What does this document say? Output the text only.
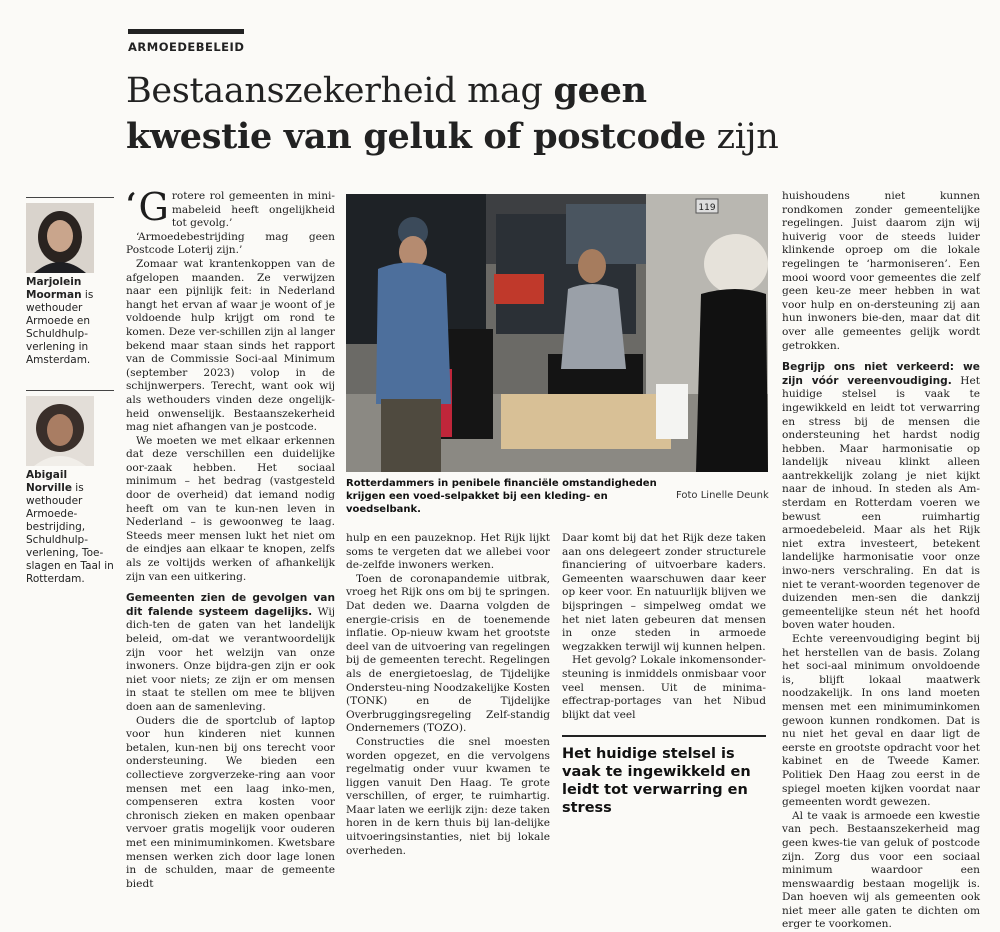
ARMOEDEBELEID
Bestaanszekerheid mag geen
kwestie van geluk of postcode zijn
Marjolein Moorman is wethouder Armoede en Schuldhulp-verlening in Amsterdam.
Abigail Norville is wethouder Armoede-bestrijding, Schuldhulp-verlening, Toe-slagen en Taal in Rotterdam.

‘ G rotere rol gemeenten in mini-mabeleid heeft ongelijkheid tot gevolg.’

‘Armoedebestrijding mag geen Postcode Loterij zijn.’

Zomaar wat krantenkoppen van de afgelopen maanden. Ze verwijzen naar een pijnlijk feit: in Nederland hangt het ervan af waar je woont of je voldoende hulp krijgt om rond te komen. Deze ver-schillen zijn al langer bekend maar staan sinds het rapport van de Commissie Soci-aal Minimum (september 2023) volop in de schijnwerpers. Terecht, want ook wij als wethouders vinden deze ongelijk-heid onwenselijk. Bestaanszekerheid mag niet afhangen van je postcode.

We moeten we met elkaar erkennen dat deze verschillen een duidelijke oor-zaak hebben. Het sociaal minimum – het bedrag (vastgesteld door de overheid) dat iemand nodig heeft om van te kun-nen leven in Nederland – is gewoonweg te laag. Steeds meer mensen lukt het niet om de eindjes aan elkaar te knopen, zelfs als ze voltijds werken of afhankelijk zijn van een uitkering.

Gemeenten zien de gevolgen van dit falende systeem dagelijks. Wij dich-ten de gaten van het landelijk beleid, om-dat we verantwoordelijk zijn voor het welzijn van onze inwoners. Onze bijdra-gen zijn er ook niet voor niets; ze zijn er om mensen in staat te stellen om mee te blijven doen aan de samenleving.

Ouders die de sportclub of laptop voor hun kinderen niet kunnen betalen, kun-nen bij ons terecht voor ondersteuning. We bieden een collectieve zorgverzeke-ring aan voor mensen met een laag inko-men, compenseren extra kosten voor chronisch zieken en maken openbaar vervoer gratis mogelijk voor ouderen met een minimuminkomen. Kwetsbare mensen werken zich door lage lonen in de schulden, maar de gemeente biedt

119
Rotterdammers in penibele financiële omstandigheden krijgen een voed-selpakket bij een kleding- en voedselbank.
Foto Linelle Deunk

hulp en een pauzeknop. Het Rijk lijkt soms te vergeten dat we allebei voor de-zelfde inwoners werken.

Toen de coronapandemie uitbrak, vroeg het Rijk ons om bij te springen. Dat deden we. Daarna volgden de energie-crisis en de toenemende inflatie. Op-nieuw kwam het grootste deel van de uitvoering van regelingen bij de gemeenten terecht. Regelingen als de energietoeslag, de Tijdelijke Ondersteu-ning Noodzakelijke Kosten (TONK) en de Tijdelijke Overbruggingsregeling Zelf-standig Ondernemers (TOZO).

Constructies die snel moesten worden opgezet, en die vervolgens regelmatig onder vuur kwamen te liggen vanuit Den Haag. Te grote verschillen, of erger, te ruimhartig. Maar laten we eerlijk zijn: deze taken horen in de kern thuis bij lan-delijke uitvoeringsinstanties, niet bij lokale overheden.

Daar komt bij dat het Rijk deze taken aan ons delegeert zonder structurele financiering of uitvoerbare kaders. Gemeenten waarschuwen daar keer op keer voor. En natuurlijk blijven we bijspringen – simpelweg omdat we het niet laten gebeuren dat mensen in onze steden in armoede wegzakken terwijl wij kunnen helpen.

Het gevolg? Lokale inkomensonder-steuning is inmiddels onmisbaar voor veel mensen. Uit de minima-effectrap-portages van het Nibud blijkt dat veel

Het huidige stelsel is vaak te ingewikkeld en leidt tot verwarring en stress

huishoudens niet kunnen rondkomen zonder gemeentelijke regelingen. Juist daarom zijn wij huiverig voor de steeds luider klinkende oproep om die lokale regelingen te ‘harmoniseren’. Een mooi woord voor gemeentes die zelf geen keu-ze meer hebben in wat voor hulp en on-dersteuning zij aan hun inwoners bie-den, maar dat dit over alle gemeentes gelijk wordt getrokken.

Begrijp ons niet verkeerd: we zijn vóór vereenvoudiging. Het huidige stelsel is vaak te ingewikkeld en leidt tot verwarring en stress bij de mensen die ondersteuning het hardst nodig hebben. Maar harmonisatie op landelijk niveau klinkt alleen aantrekkelijk zolang je niet kijkt naar de inhoud. In steden als Am-sterdam en Rotterdam voeren we bewust een ruimhartig armoedebeleid. Maar als het Rijk niet extra investeert, betekent landelijke harmonisatie voor onze inwo-ners verschraling. En dat is niet te verant-woorden tegenover de duizenden men-sen die dankzij gemeentelijke steun nét het hoofd boven water houden.

Echte vereenvoudiging begint bij het herstellen van de basis. Zolang het soci-aal minimum onvoldoende is, blijft lokaal maatwerk noodzakelijk. In ons land moeten mensen met een minimuminkomen gewoon kunnen rondkomen. Dat is nu niet het geval en daar ligt de eerste en grootste opdracht voor het kabinet en de Tweede Kamer. Politiek Den Haag zou eerst in de spiegel moeten kijken voordat naar gemeenten wordt gewezen.

Al te vaak is armoede een kwestie van pech. Bestaanszekerheid mag geen kwes-tie van geluk of postcode zijn. Zorg dus voor een sociaal minimum waardoor een menswaardig bestaan mogelijk is. Dan hoeven wij als gemeenten ook niet meer alle gaten te dichten om erger te voorkomen.
